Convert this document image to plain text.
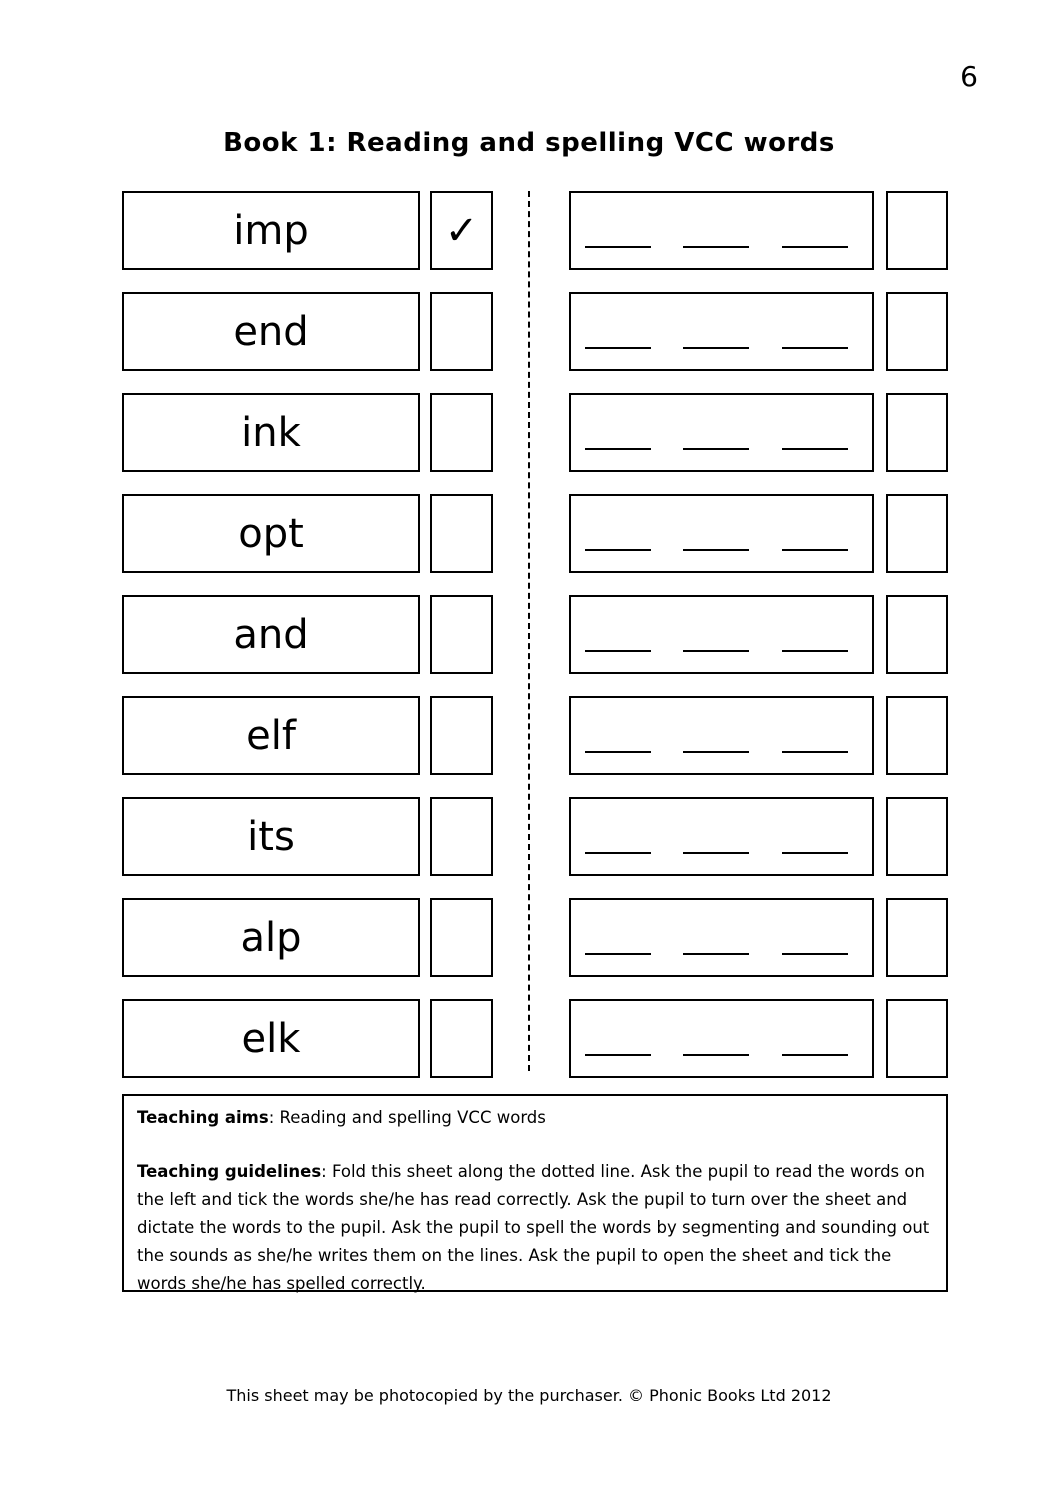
6
Book 1: Reading and spelling VCC words
imp	✓
end
ink
opt
and
elf
its
alp
elk

Teaching aims: Reading and spelling VCC words

Teaching guidelines: Fold this sheet along the dotted line. Ask the pupil to read the words on the left and tick the words she/he has read correctly. Ask the pupil to turn over the sheet and dictate the words to the pupil. Ask the pupil to spell the words by segmenting and sounding out the sounds as she/he writes them on the lines. Ask the pupil to open the sheet and tick the words she/he has spelled correctly.

This sheet may be photocopied by the purchaser. © Phonic Books Ltd 2012
